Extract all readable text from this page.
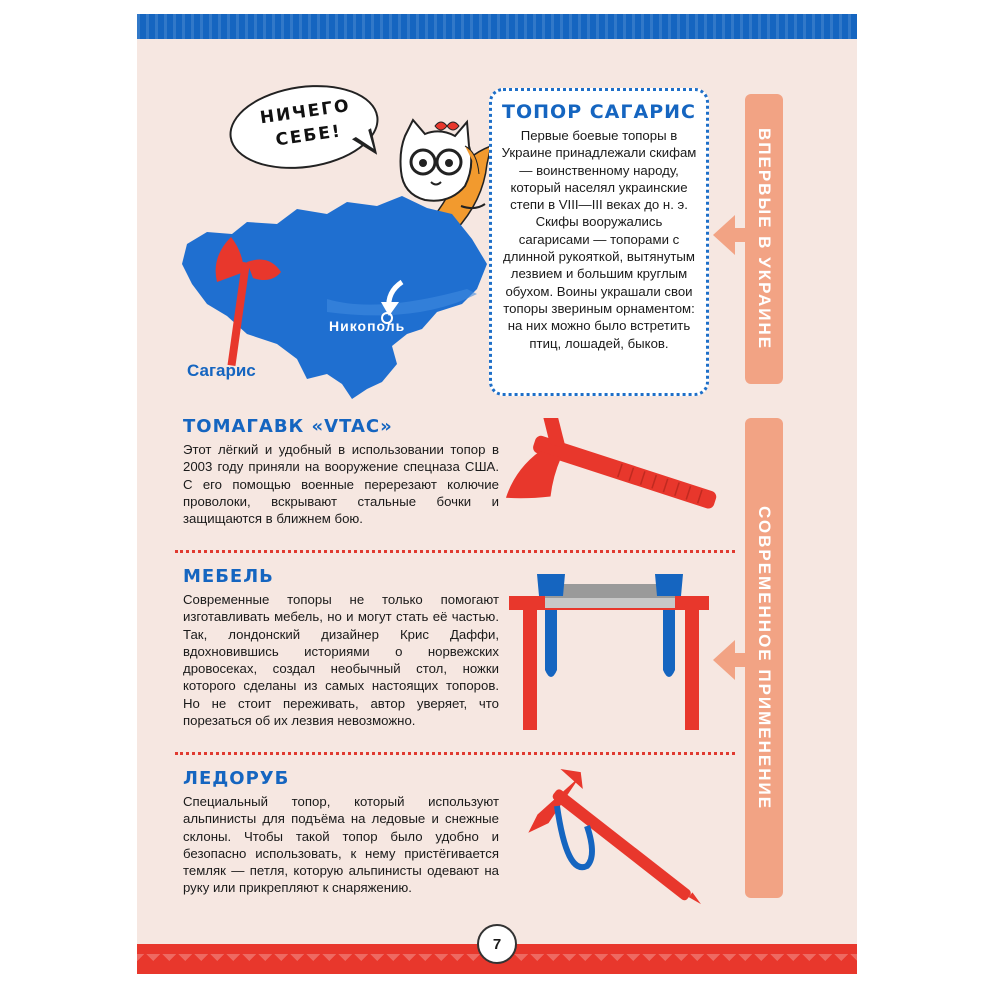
НИЧЕГО
СЕБЕ!
Никополь
Сагарис
ТОПОР САГАРИС
Первые боевые топоры в Украине принадлежали скифам — воинственному народу, который населял украинские степи в VIII—III веках до н. э. Скифы вооружались сагарисами — топорами с длинной рукояткой, вытянутым лезвием и большим круглым обухом. Воины украшали свои топоры звериным орнаментом: на них можно было встретить птиц, лошадей, быков.	ВПЕРВЫЕ В УКРАИНЕ
СОВРЕМЕННОЕ ПРИМЕНЕНИЕ
ТОМАГАВК «VTAC»
Этот лёгкий и удобный в использовании топор в 2003 году приняли на вооружение спецназа США. С его помощью военные перерезают колючие проволоки, вскрывают стальные бочки и защищаются в ближнем бою.
МЕБЕЛЬ
Современные топоры не только помогают изготавливать мебель, но и могут стать её частью. Так, лондонский дизайнер Крис Даффи, вдохновившись историями о норвежских дровосеках, создал необычный стол, ножки которого сделаны из самых настоящих топоров. Но не стоит переживать, автор уверяет, что порезаться об их лезвия невозможно.
ЛЕДОРУБ
Специальный топор, который используют альпинисты для подъёма на ледовые и снежные склоны. Чтобы такой топор было удобно и безопасно использовать, к нему пристёгивается темляк — петля, которую альпинисты одевают на руку или прикрепляют к снаряжению.
7
